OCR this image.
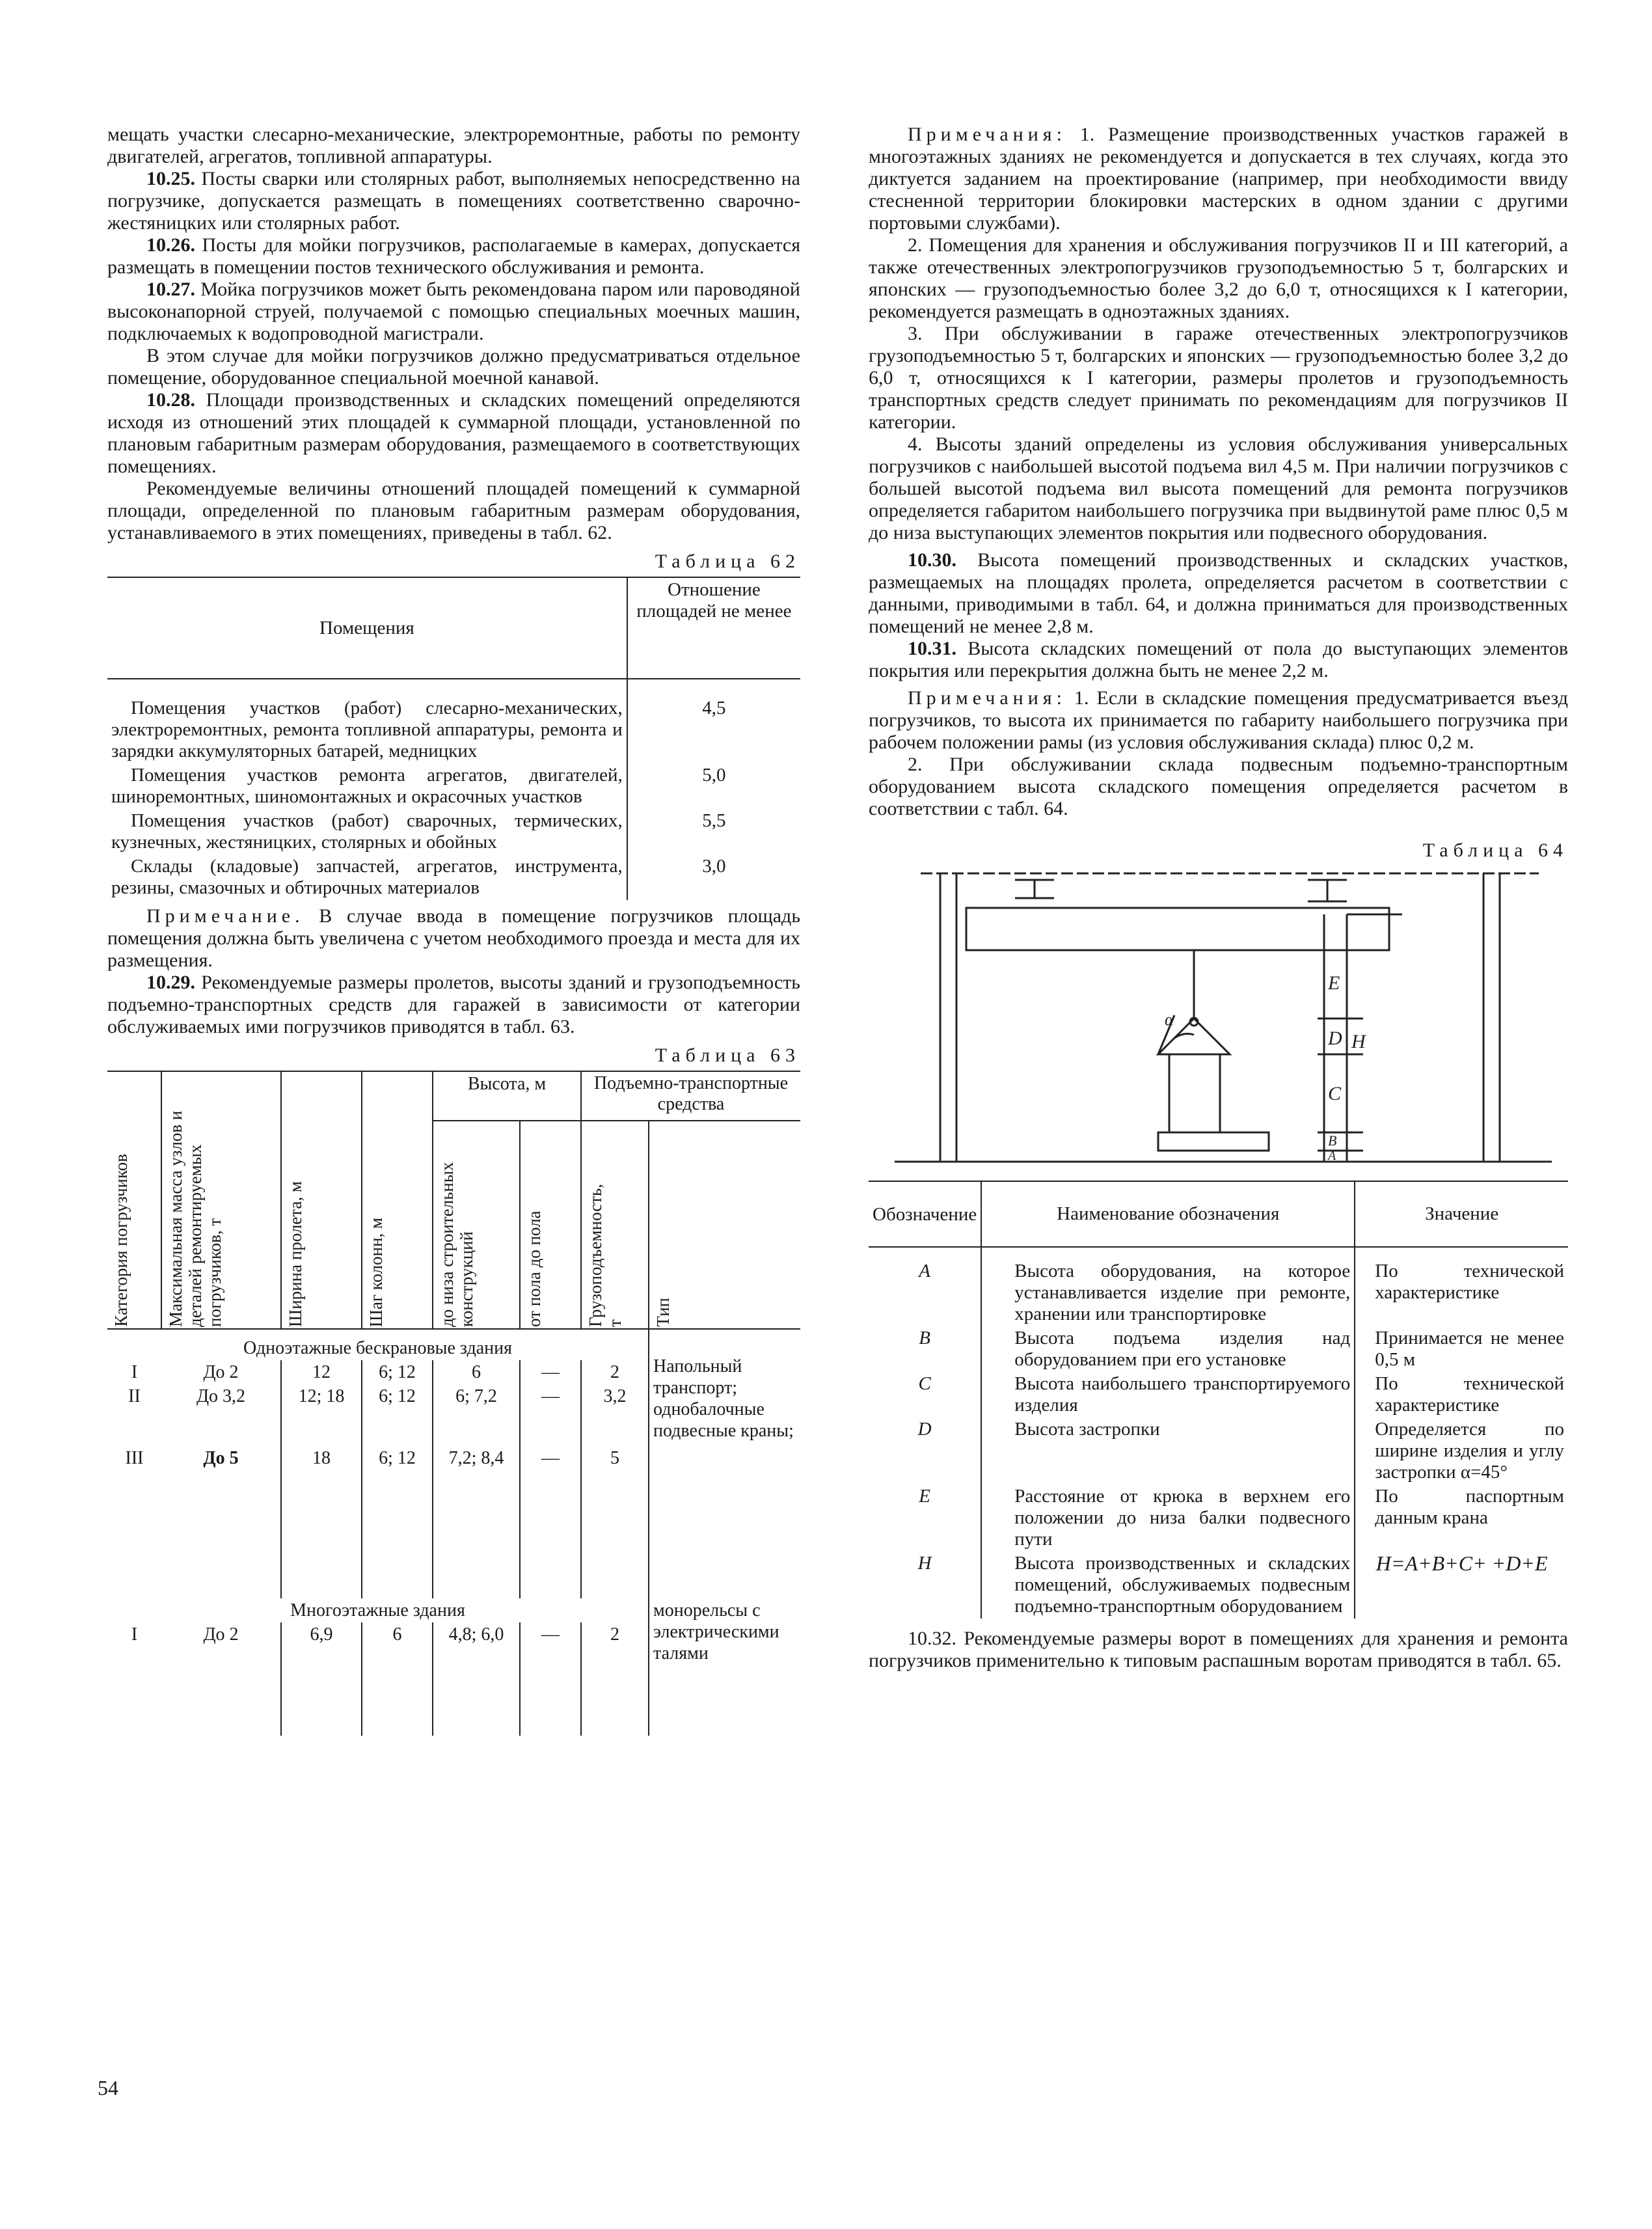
мещать участки слесарно-механические, электроремонтные, работы по ремонту двигателей, агрегатов, топливной аппаратуры.

10.25. Посты сварки или столярных работ, выполняемых непосредственно на погрузчике, допускается размещать в помещениях соответственно сварочно-жестяницких или столярных работ.

10.26. Посты для мойки погрузчиков, располагаемые в камерах, допускается размещать в помещении постов технического обслуживания и ремонта.

10.27. Мойка погрузчиков может быть рекомендована паром или пароводяной высоконапорной струей, получаемой с помощью специальных моечных машин, подключаемых к водопроводной магистрали.

В этом случае для мойки погрузчиков должно предусматриваться отдельное помещение, оборудованное специальной моечной канавой.

10.28. Площади производственных и складских помещений определяются исходя из отношений этих площадей к суммарной площади, установленной по плановым габаритным размерам оборудования, размещаемого в соответствующих помещениях.

Рекомендуемые величины отношений площадей помещений к суммарной площади, определенной по плановым габаритным размерам оборудования, устанавливаемого в этих помещениях, приведены в табл. 62.

Таблица 62
Помещения	Отношение площадей не менее
Помещения участков (работ) слесарно-механических, электроремонтных, ремонта топливной аппаратуры, ремонта и зарядки аккумуляторных батарей, медницких	4,5
Помещения участков ремонта агрегатов, двигателей, шиноремонтных, шиномонтажных и окрасочных участков	5,0
Помещения участков (работ) сварочных, термических, кузнечных, жестяницких, столярных и обойных	5,5
Склады (кладовые) запчастей, агрегатов, инструмента, резины, смазочных и обтирочных материалов	3,0

Примечание. В случае ввода в помещение погрузчиков площадь помещения должна быть увеличена с учетом необходимого проезда и места для их размещения.

10.29. Рекомендуемые размеры пролетов, высоты зданий и грузоподъемность подъемно-транспортных средств для гаражей в зависимости от категории обслуживаемых ими погрузчиков приводятся в табл. 63.

Таблица 63
Категория погрузчиков	Максимальная масса узлов и деталей ремонтируемых погрузчиков, т	Ширина пролета, м	Шаг колонн, м	Высота, м		Подъемно-транспортные средства	

				до низа строительных конструкций	от пола до пола	Грузоподъемность, т	Тип

Одноэтажные бескрановые здания							Напольный транспорт; однобалочные подвесные краны;
I	До 2	12	6; 12	6	—	2	
II	До 3,2	12; 18	6; 12	6; 7,2	—	3,2	
III	До 5	18	6; 12	7,2; 8,4	—	5	
Многоэтажные здания							монорельсы с электрическими талями
I	До 2	6,9	6	4,8; 6,0	—	2	
54

Примечания: 1. Размещение производственных участков гаражей в многоэтажных зданиях не рекомендуется и допускается в тех случаях, когда это диктуется заданием на проектирование (например, при необходимости ввиду стесненной территории блокировки мастерских в одном здании с другими портовыми службами).

2. Помещения для хранения и обслуживания погрузчиков II и III категорий, а также отечественных электропогрузчиков грузоподъемностью 5 т, болгарских и японских — грузоподъемностью более 3,2 до 6,0 т, относящихся к I категории, рекомендуется размещать в одноэтажных зданиях.

3. При обслуживании в гараже отечественных электропогрузчиков грузоподъемностью 5 т, болгарских и японских — грузоподъемностью более 3,2 до 6,0 т, относящихся к I категории, размеры пролетов и грузоподъемность транспортных средств следует принимать по рекомендациям для погрузчиков II категории.

4. Высоты зданий определены из условия обслуживания универсальных погрузчиков с наибольшей высотой подъема вил 4,5 м. При наличии погрузчиков с большей высотой подъема вил высота помещений для ремонта погрузчиков определяется габаритом наибольшего погрузчика при выдвинутой раме плюс 0,5 м до низа выступающих элементов покрытия или подвесного оборудования.

10.30. Высота помещений производственных и складских участков, размещаемых на площадях пролета, определяется расчетом в соответствии с данными, приводимыми в табл. 64, и должна приниматься для производственных помещений не менее 2,8 м.

10.31. Высота складских помещений от пола до выступающих элементов покрытия или перекрытия должна быть не менее 2,2 м.

Примечания: 1. Если в складские помещения предусматривается въезд погрузчиков, то высота их принимается по габариту наибольшего погрузчика при рабочем положении рамы (из условия обслуживания склада) плюс 0,2 м.

2. При обслуживании склада подвесным подъемно-транспортным оборудованием высота складского помещения определяется расчетом в соответствии с табл. 64.

Таблица 64
E
D
C
B
A
H
α
Обозначение	Наименование обозначения	Значение
A	Высота оборудования, на которое устанавливается изделие при ремонте, хранении или транспортировке	По технической характеристике
B	Высота подъема изделия над оборудованием при его установке	Принимается не менее 0,5 м
C	Высота наибольшего транспортируемого изделия	По технической характеристике
D	Высота застропки	Определяется по ширине изделия и углу застропки α=45°
E	Расстояние от крюка в верхнем его положении до низа балки подвесного пути	По паспортным данным крана
H	Высота производственных и складских помещений, обслуживаемых подвесным подъемно-транспортным оборудованием	H=A+B+C+ +D+E

10.32. Рекомендуемые размеры ворот в помещениях для хранения и ремонта погрузчиков применительно к типовым распашным воротам приводятся в табл. 65.
